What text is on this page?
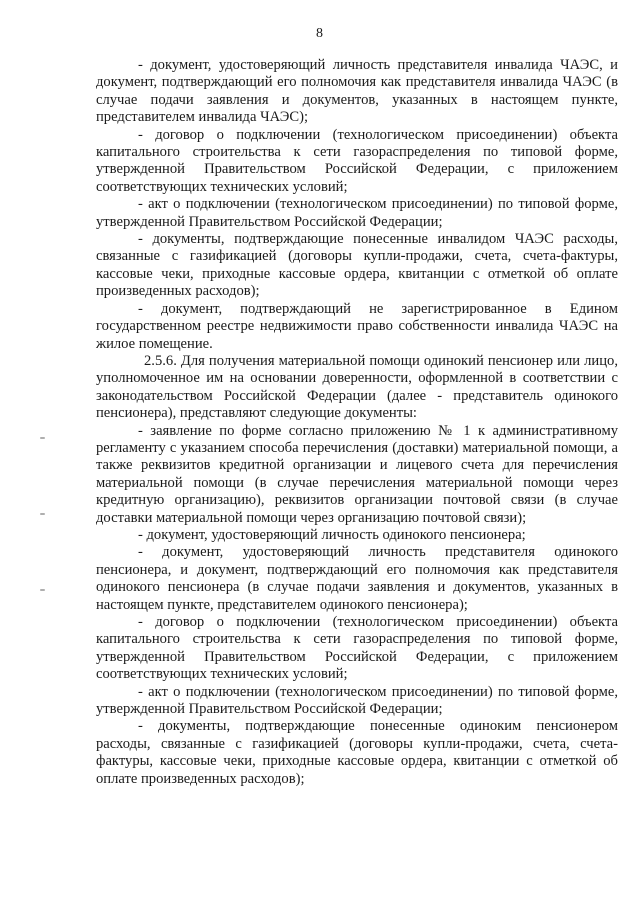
8

- документ, удостоверяющий личность представителя инвалида ЧАЭС, и документ, подтверждающий его полномочия как представителя инвалида ЧАЭС (в случае подачи заявления и документов, указанных в настоящем пункте, представителем инвалида ЧАЭС);

- договор о подключении (технологическом присоединении) объекта капитального строительства к сети газораспределения по типовой форме, утвержденной Правительством Российской Федерации, с приложением соответствующих технических условий;

- акт о подключении (технологическом присоединении) по типовой форме, утвержденной Правительством Российской Федерации;

- документы, подтверждающие понесенные инвалидом ЧАЭС расходы, связанные с газификацией (договоры купли-продажи, счета, счета-фактуры, кассовые чеки, приходные кассовые ордера, квитанции с отметкой об оплате произведенных расходов);

- документ, подтверждающий не зарегистрированное в Едином государственном реестре недвижимости право собственности инвалида ЧАЭС на жилое помещение.

2.5.6. Для получения материальной помощи одинокий пенсионер или лицо, уполномоченное им на основании доверенности, оформленной в соответствии с законодательством Российской Федерации (далее - представитель одинокого пенсионера), представляют следующие документы:

- заявление по форме согласно приложению № 1 к административному регламенту с указанием способа перечисления (доставки) материальной помощи, а также реквизитов кредитной организации и лицевого счета для перечисления материальной помощи (в случае перечисления материальной помощи через кредитную организацию), реквизитов организации почтовой связи (в случае доставки материальной помощи через организацию почтовой связи);

- документ, удостоверяющий личность одинокого пенсионера;

- документ, удостоверяющий личность представителя одинокого пенсионера, и документ, подтверждающий его полномочия как представителя одинокого пенсионера (в случае подачи заявления и документов, указанных в настоящем пункте, представителем одинокого пенсионера);

- договор о подключении (технологическом присоединении) объекта капитального строительства к сети газораспределения по типовой форме, утвержденной Правительством Российской Федерации, с приложением соответствующих технических условий;

- акт о подключении (технологическом присоединении) по типовой форме, утвержденной Правительством Российской Федерации;

- документы, подтверждающие понесенные одиноким пенсионером расходы, связанные с газификацией (договоры купли-продажи, счета, счета-фактуры, кассовые чеки, приходные кассовые ордера, квитанции с отметкой об оплате произведенных расходов);
